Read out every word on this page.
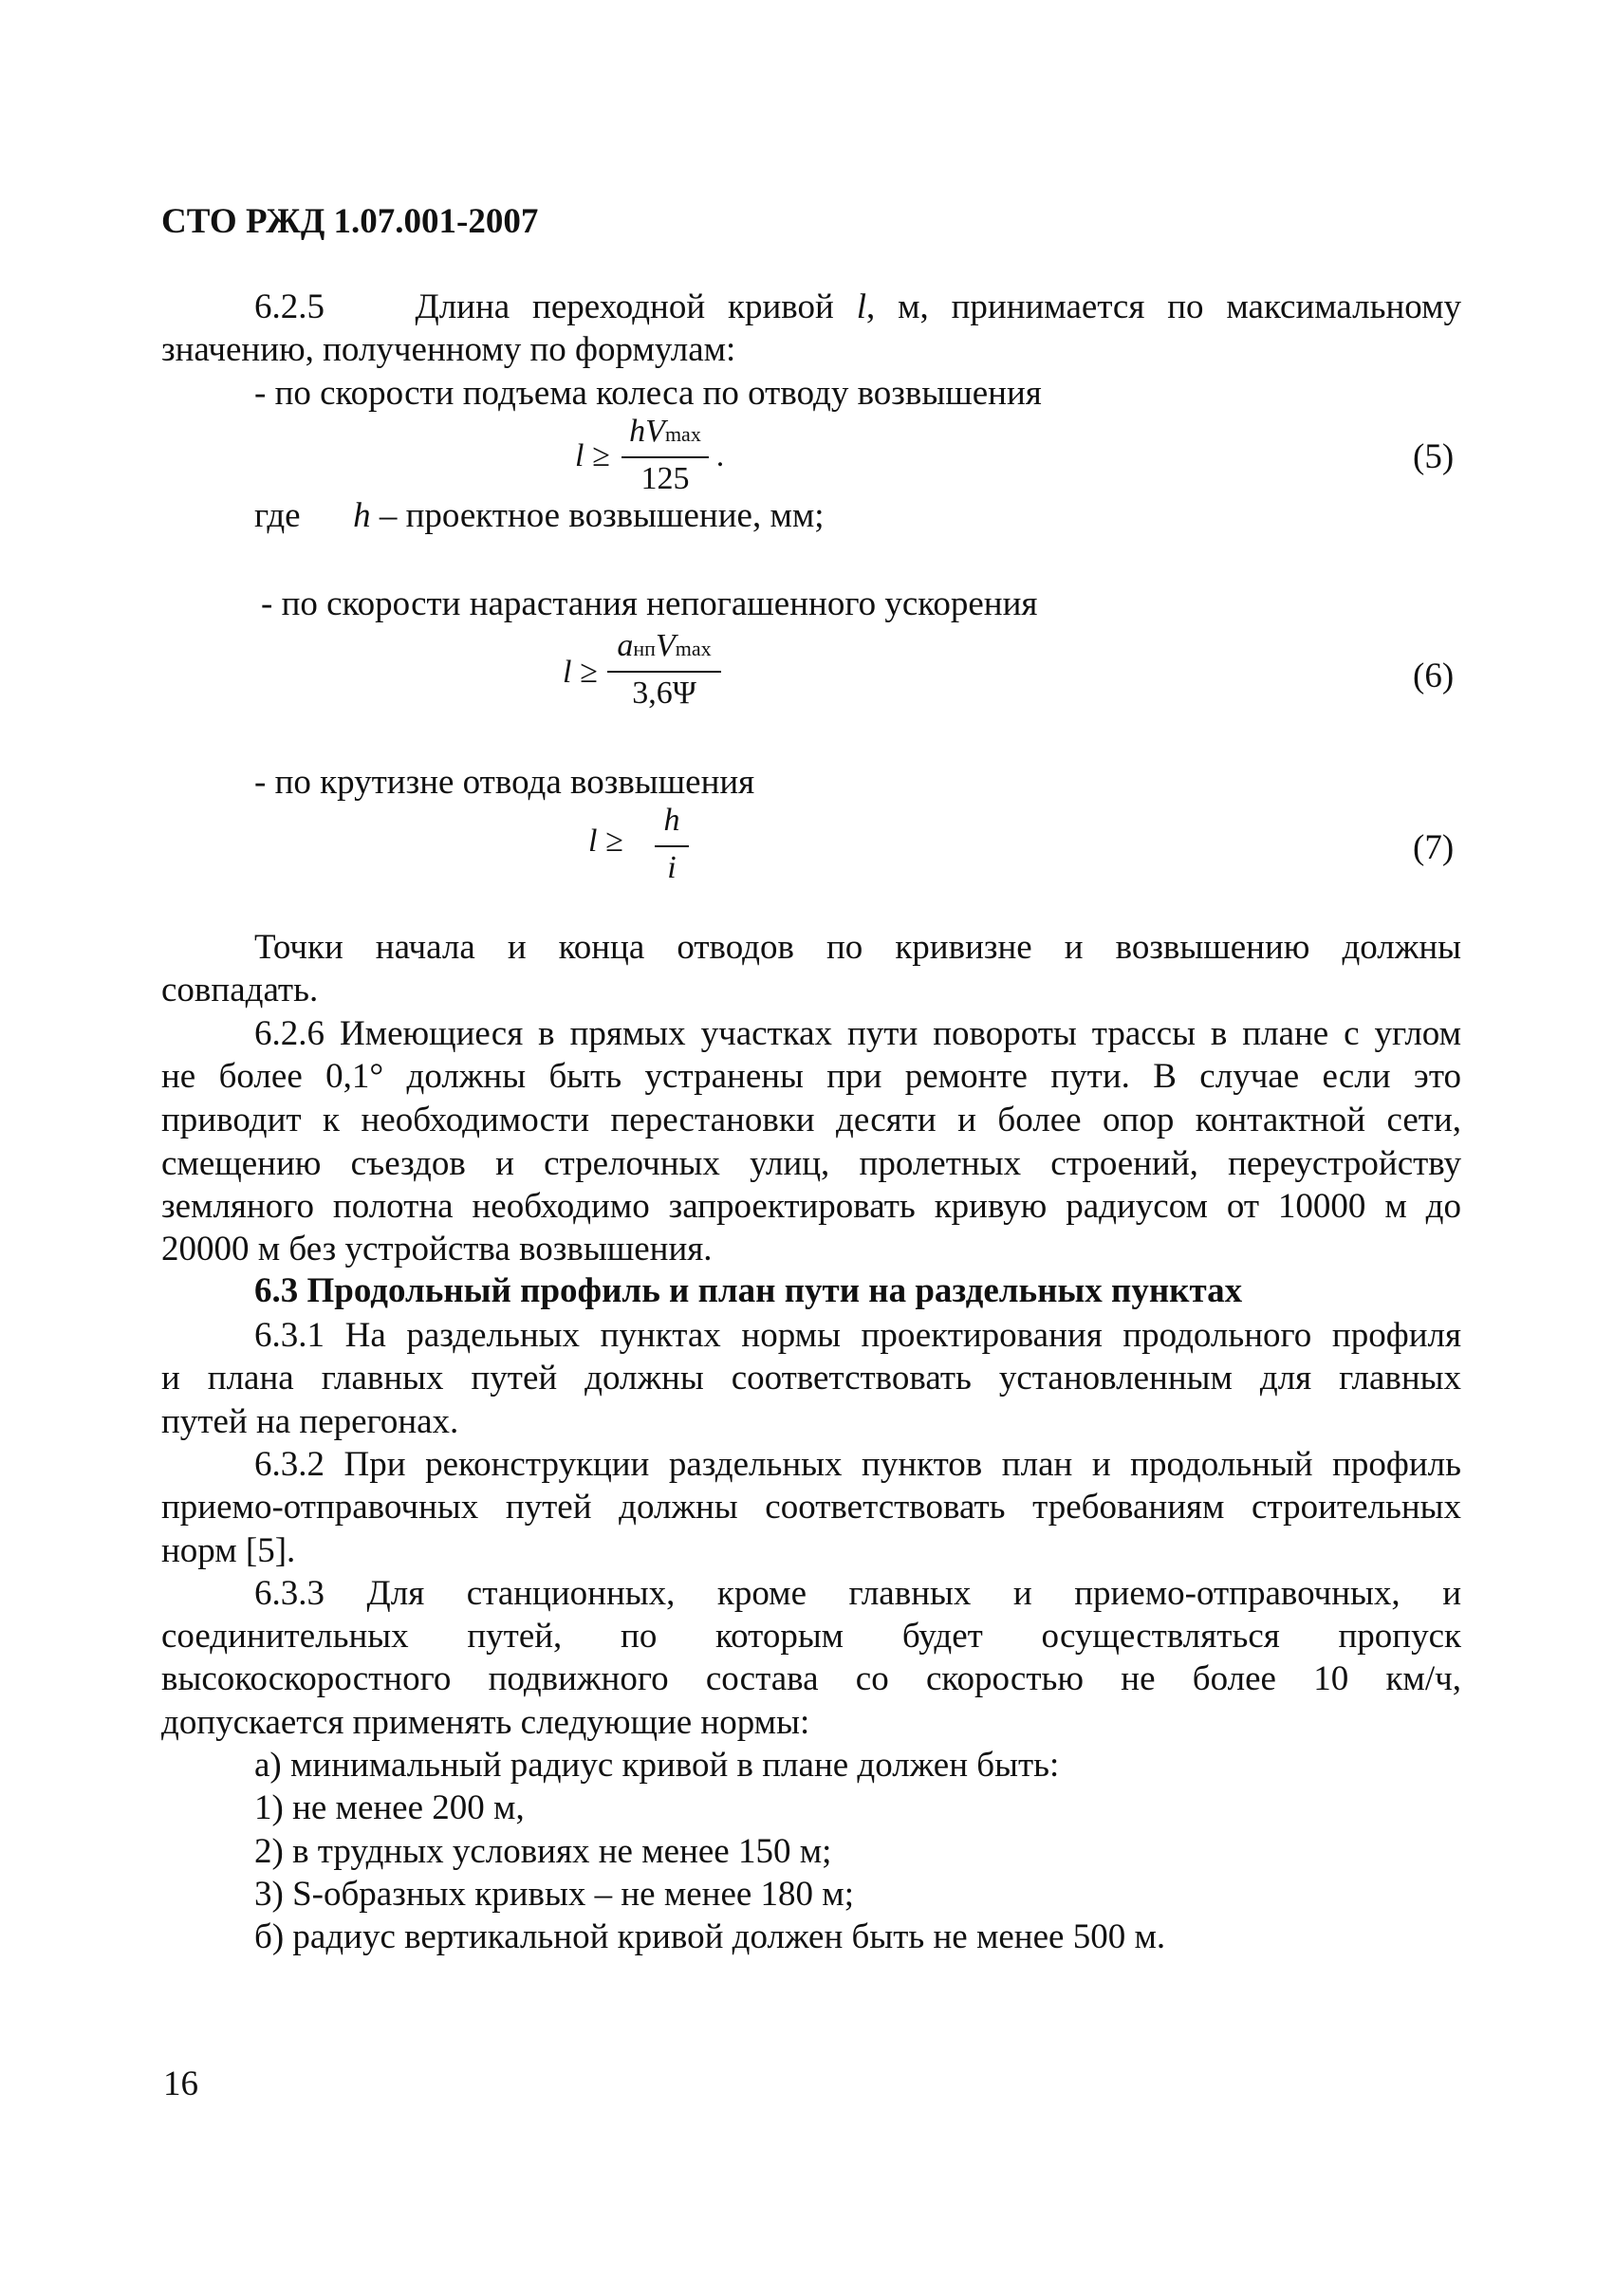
СТО РЖД 1.07.001-2007
6.2.5	Длина переходной кривой l, м, принимается по максимальному
значению, полученному по формулам:
- по скорости подъема колеса по отводу возвышения
l ≥
hVmax
125
 .	(5)
где h – проектное возвышение, мм;
- по скорости нарастания непогашенного ускорения
l ≥
aнпVmax
3,6Ψ	(6)
- по крутизне отвода возвышения
l ≥
h
i
(7)
Точки начала и конца отводов по кривизне и возвышению должны
совпадать.
6.2.6 Имеющиеся в прямых участках пути повороты трассы в плане с углом
не более 0,1° должны быть устранены при ремонте пути. В случае если это
приводит к необходимости перестановки десяти и более опор контактной сети,
смещению съездов и стрелочных улиц, пролетных строений, переустройству
земляного полотна необходимо запроектировать кривую радиусом от 10000 м до
20000 м без устройства возвышения.
6.3 Продольный профиль и план пути на раздельных пунктах
6.3.1 На раздельных пунктах нормы проектирования продольного профиля
и плана главных путей должны соответствовать установленным для главных
путей на перегонах.
6.3.2 При реконструкции раздельных пунктов план и продольный профиль
приемо-отправочных путей должны соответствовать требованиям строительных
норм [5].
6.3.3 Для станционных, кроме главных и приемо-отправочных, и
соединительных путей, по которым будет осуществляться пропуск
высокоскоростного подвижного состава со скоростью не более 10 км/ч,
допускается применять следующие нормы:
а) минимальный радиус кривой в плане должен быть:
1) не менее 200 м,
2) в трудных условиях не менее 150 м;
3) S-образных кривых – не менее 180 м;
б) радиус вертикальной кривой должен быть не менее 500 м.
16
